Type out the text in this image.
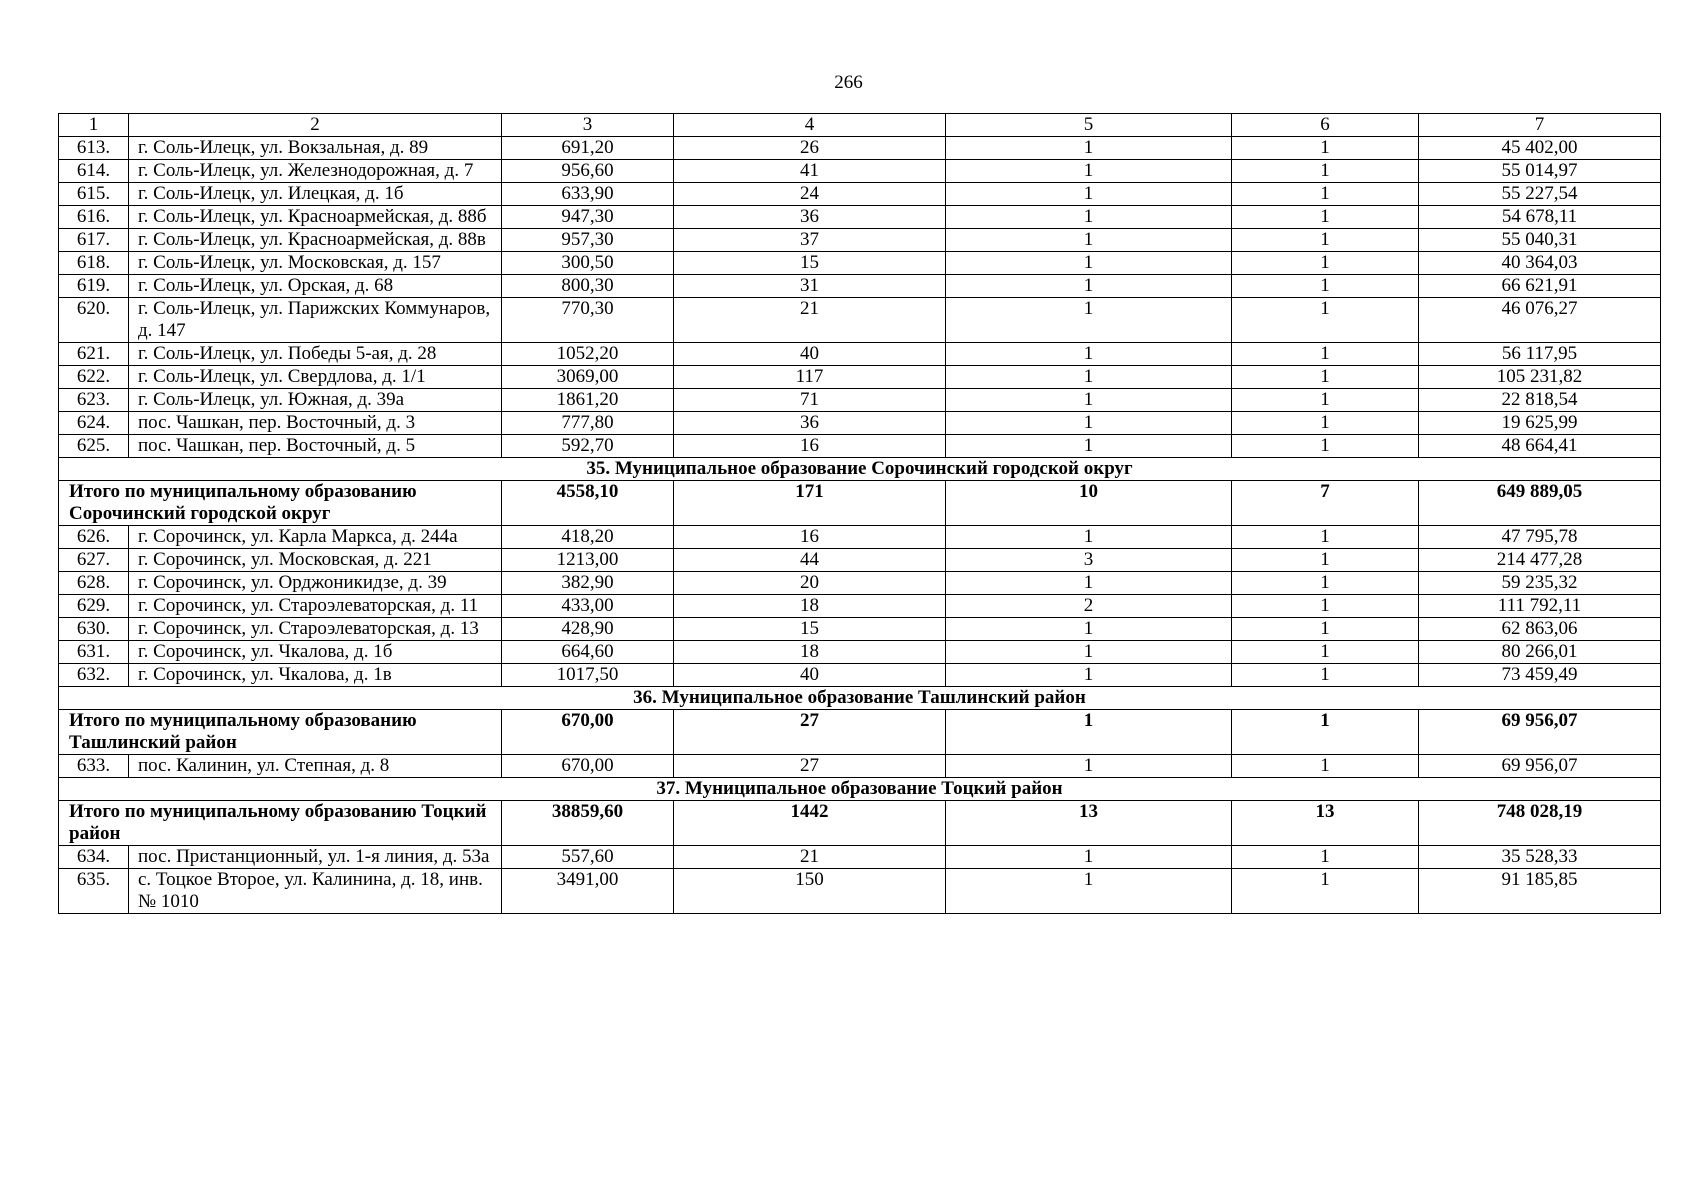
266
1	2	3	4	5	6	7
613.	г. Соль-Илецк, ул. Вокзальная, д. 89	691,20	26	1	1	45 402,00
614.	г. Соль-Илецк, ул. Железнодорожная, д. 7	956,60	41	1	1	55 014,97
615.	г. Соль-Илецк, ул. Илецкая, д. 1б	633,90	24	1	1	55 227,54
616.	г. Соль-Илецк, ул. Красноармейская, д. 88б	947,30	36	1	1	54 678,11
617.	г. Соль-Илецк, ул. Красноармейская, д. 88в	957,30	37	1	1	55 040,31
618.	г. Соль-Илецк, ул. Московская, д. 157	300,50	15	1	1	40 364,03
619.	г. Соль-Илецк, ул. Орская, д. 68	800,30	31	1	1	66 621,91
620.	г. Соль-Илецк, ул. Парижских Коммунаров, д. 147	770,30	21	1	1	46 076,27
621.	г. Соль-Илецк, ул. Победы 5-ая, д. 28	1052,20	40	1	1	56 117,95
622.	г. Соль-Илецк, ул. Свердлова, д. 1/1	3069,00	117	1	1	105 231,82
623.	г. Соль-Илецк, ул. Южная, д. 39а	1861,20	71	1	1	22 818,54
624.	пос. Чашкан, пер. Восточный, д. 3	777,80	36	1	1	19 625,99
625.	пос. Чашкан, пер. Восточный, д. 5	592,70	16	1	1	48 664,41
35. Муниципальное образование Сорочинский городской округ						
Итого по муниципальному образованию Сорочинский городской округ		4558,10	171	10	7	649 889,05
626.	г. Сорочинск, ул. Карла Маркса, д. 244а	418,20	16	1	1	47 795,78
627.	г. Сорочинск, ул. Московская, д. 221	1213,00	44	3	1	214 477,28
628.	г. Сорочинск, ул. Орджоникидзе, д. 39	382,90	20	1	1	59 235,32
629.	г. Сорочинск, ул. Староэлеваторская, д. 11	433,00	18	2	1	111 792,11
630.	г. Сорочинск, ул. Староэлеваторская, д. 13	428,90	15	1	1	62 863,06
631.	г. Сорочинск, ул. Чкалова, д. 1б	664,60	18	1	1	80 266,01
632.	г. Сорочинск, ул. Чкалова, д. 1в	1017,50	40	1	1	73 459,49
36. Муниципальное образование Ташлинский район						
Итого по муниципальному образованию Ташлинский район		670,00	27	1	1	69 956,07
633.	пос. Калинин, ул. Степная, д. 8	670,00	27	1	1	69 956,07
37. Муниципальное образование Тоцкий район						
Итого по муниципальному образованию Тоцкий район		38859,60	1442	13	13	748 028,19
634.	пос. Пристанционный, ул. 1-я линия, д. 53а	557,60	21	1	1	35 528,33
635.	с. Тоцкое Второе, ул. Калинина, д. 18, инв. № 1010	3491,00	150	1	1	91 185,85
